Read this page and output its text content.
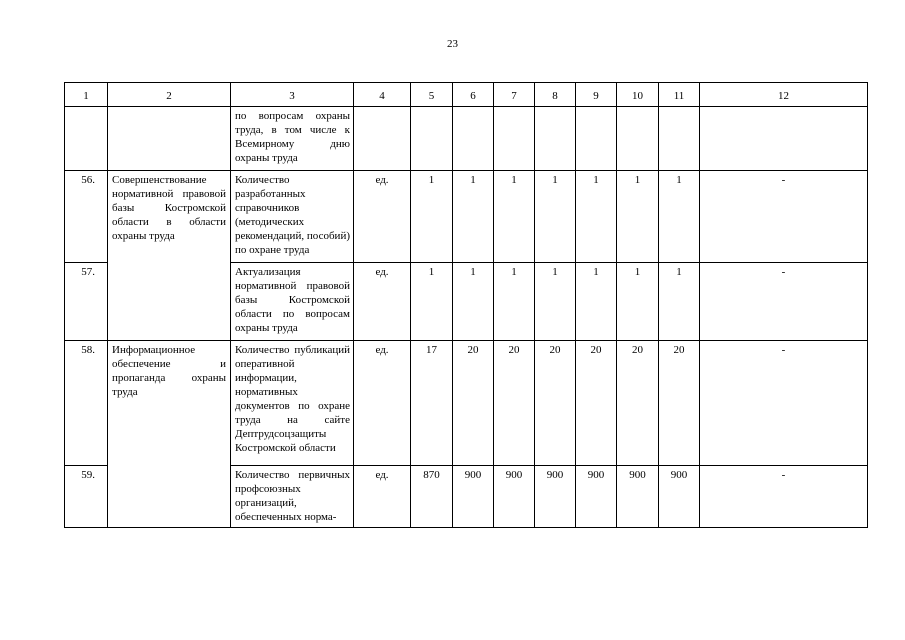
23
1	2	3	4	5	6	7	8	9	10	11	12
		по вопросам охраны труда, в том числе к Всемирному дню охраны труда									
56.	Совершенствование нормативной правовой базы Костромской области в области охраны труда	Количество разработанных справочников (методических рекомендаций, пособий) по охране труда	ед.	1	1	1	1	1	1	1	-
57.		Актуализация нормативной правовой базы Костромской области по вопросам охраны труда	ед.	1	1	1	1	1	1	1	-
58.	Информационное обеспечение и пропаганда охраны труда	Количество публикаций оперативной информации, нормативных документов по охране труда на сайте Дептрудсоцзащиты Костромской области	ед.	17	20	20	20	20	20	20	-
59.		Количество первичных профсоюзных организаций, обеспеченных норма-	ед.	870	900	900	900	900	900	900	-
